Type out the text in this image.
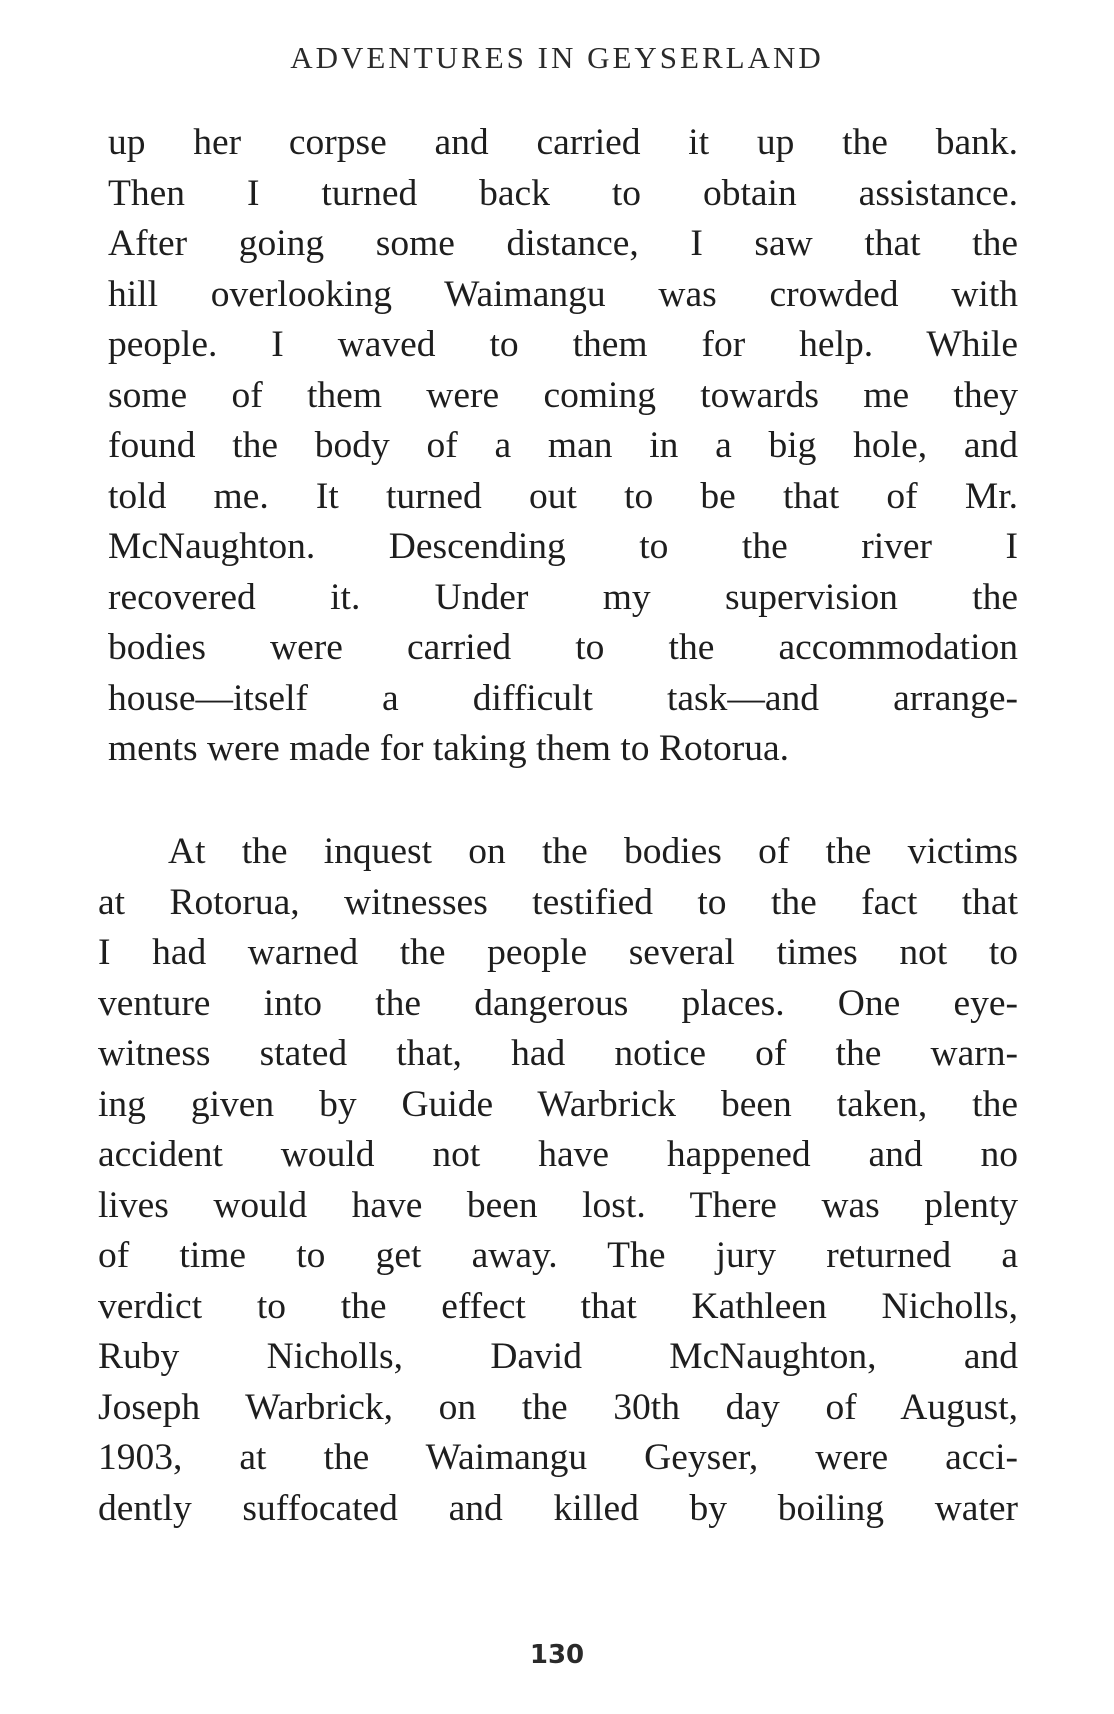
ADVENTURES IN GEYSERLAND
up her corpse and carried it up the bank.
Then I turned back to obtain assistance.
After going some distance, I saw that the
hill overlooking Waimangu was crowded with
people. I waved to them for help. While
some of them were coming towards me they
found the body of a man in a big hole, and
told me. It turned out to be that of Mr.
McNaughton. Descending to the river I
recovered it. Under my supervision the
bodies were carried to the accommodation
house—itself a difficult task—and arrange-
ments were made for taking them to Rotorua.
At the inquest on the bodies of the victims
at Rotorua, witnesses testified to the fact that
I had warned the people several times not to
venture into the dangerous places. One eye-
witness stated that, had notice of the warn-
ing given by Guide Warbrick been taken, the
accident would not have happened and no
lives would have been lost. There was plenty
of time to get away. The jury returned a
verdict to the effect that Kathleen Nicholls,
Ruby Nicholls, David McNaughton, and
Joseph Warbrick, on the 30th day of August,
1903, at the Waimangu Geyser, were acci-
dently suffocated and killed by boiling water
130
